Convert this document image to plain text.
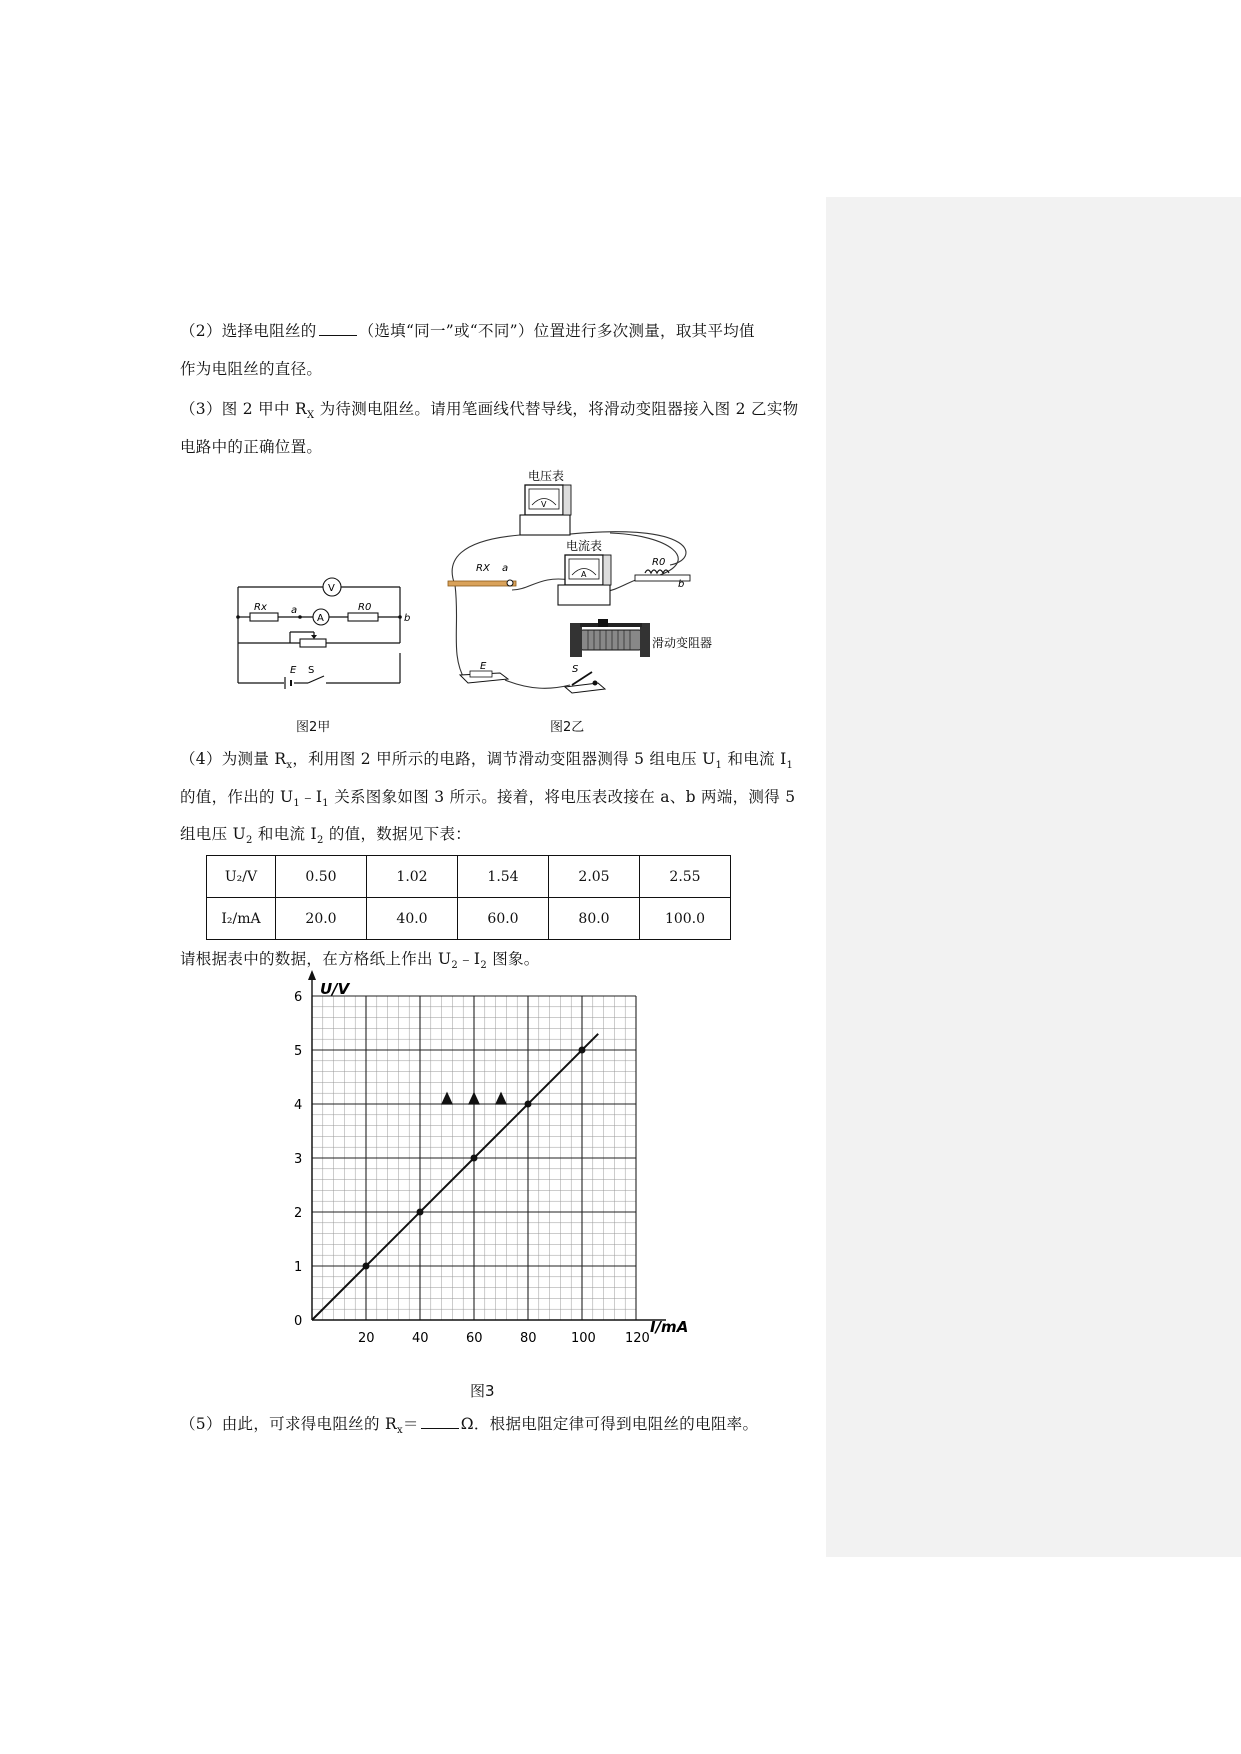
（2）选择电阻丝的	（选填“同一”或“不同”）位置进行多次测量，取其平均值
作为电阻丝的直径。
（3）图 2 甲中 $R_X$ 为待测电阻丝。请用笔画线代替导线，将滑动变阻器接入图 2 乙实物
电路中的正确位置。
V
A
Rx a	R0
b
E S
图2甲
V
电压表
A
电流表
RX a
R0
b
滑动变阻器
E	S
图2乙
（4）为测量 $R_x$，利用图 2 甲所示的电路，调节滑动变阻器测得 5 组电压 $U_1$ 和电流 $I_1$
的值，作出的 $U_1﹣I_1$ 关系图象如图 3 所示。接着，将电压表改接在 a、b 两端，测得 5
组电压 $U_2$ 和电流 $I_2$ 的值，数据见下表：
U₂/V	0.50	1.02	1.54	2.05	2.55
I₂/mA	20.0	40.0	60.0	80.0	100.0
请根据表中的数据，在方格纸上作出 $U_2﹣I_2$ 图象。
0
1
2
3
4
5
6
20	40	60	80	100 120
U/V
I/mA
图3
（5）由此，可求得电阻丝的 $R_x=$	Ω．根据电阻定律可得到电阻丝的电阻率。
